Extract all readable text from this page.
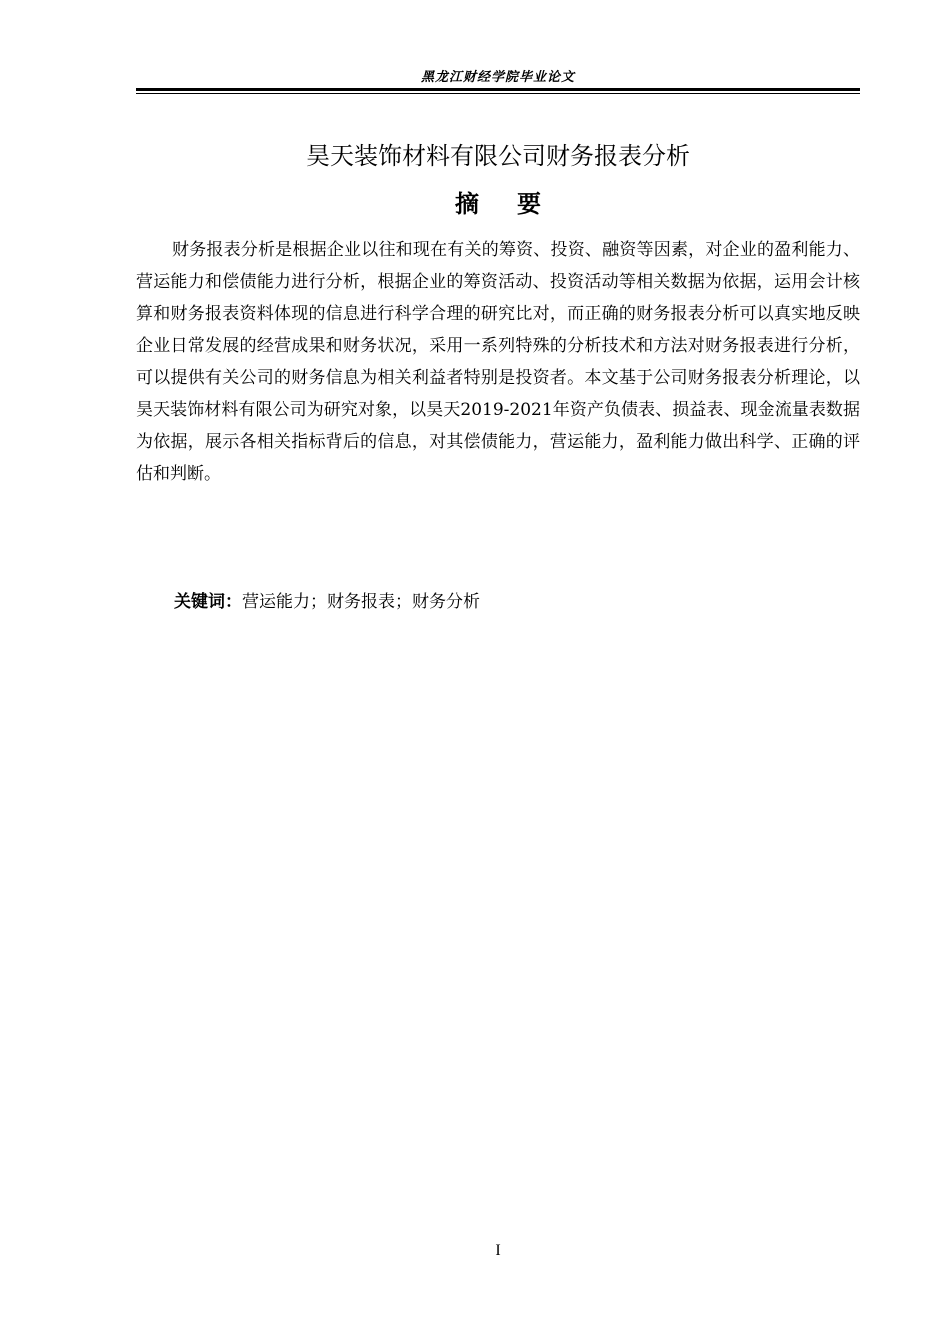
黑龙江财经学院毕业论文
昊天装饰材料有限公司财务报表分析
摘要

财务报表分析是根据企业以往和现在有关的筹资、投资、融资等因素，对企业的盈利能力、营运能力和偿债能力进行分析，根据企业的筹资活动、投资活动等相关数据为依据，运用会计核算和财务报表资料体现的信息进行科学合理的研究比对，而正确的财务报表分析可以真实地反映企业日常发展的经营成果和财务状况，采用一系列特殊的分析技术和方法对财务报表进行分析，可以提供有关公司的财务信息为相关利益者特别是投资者。本文基于公司财务报表分析理论，以昊天装饰材料有限公司为研究对象，以昊天2019-2021年资产负债表、损益表、现金流量表数据为依据，展示各相关指标背后的信息，对其偿债能力，营运能力，盈利能力做出科学、正确的评估和判断。

关键词：营运能力；财务报表；财务分析
I
